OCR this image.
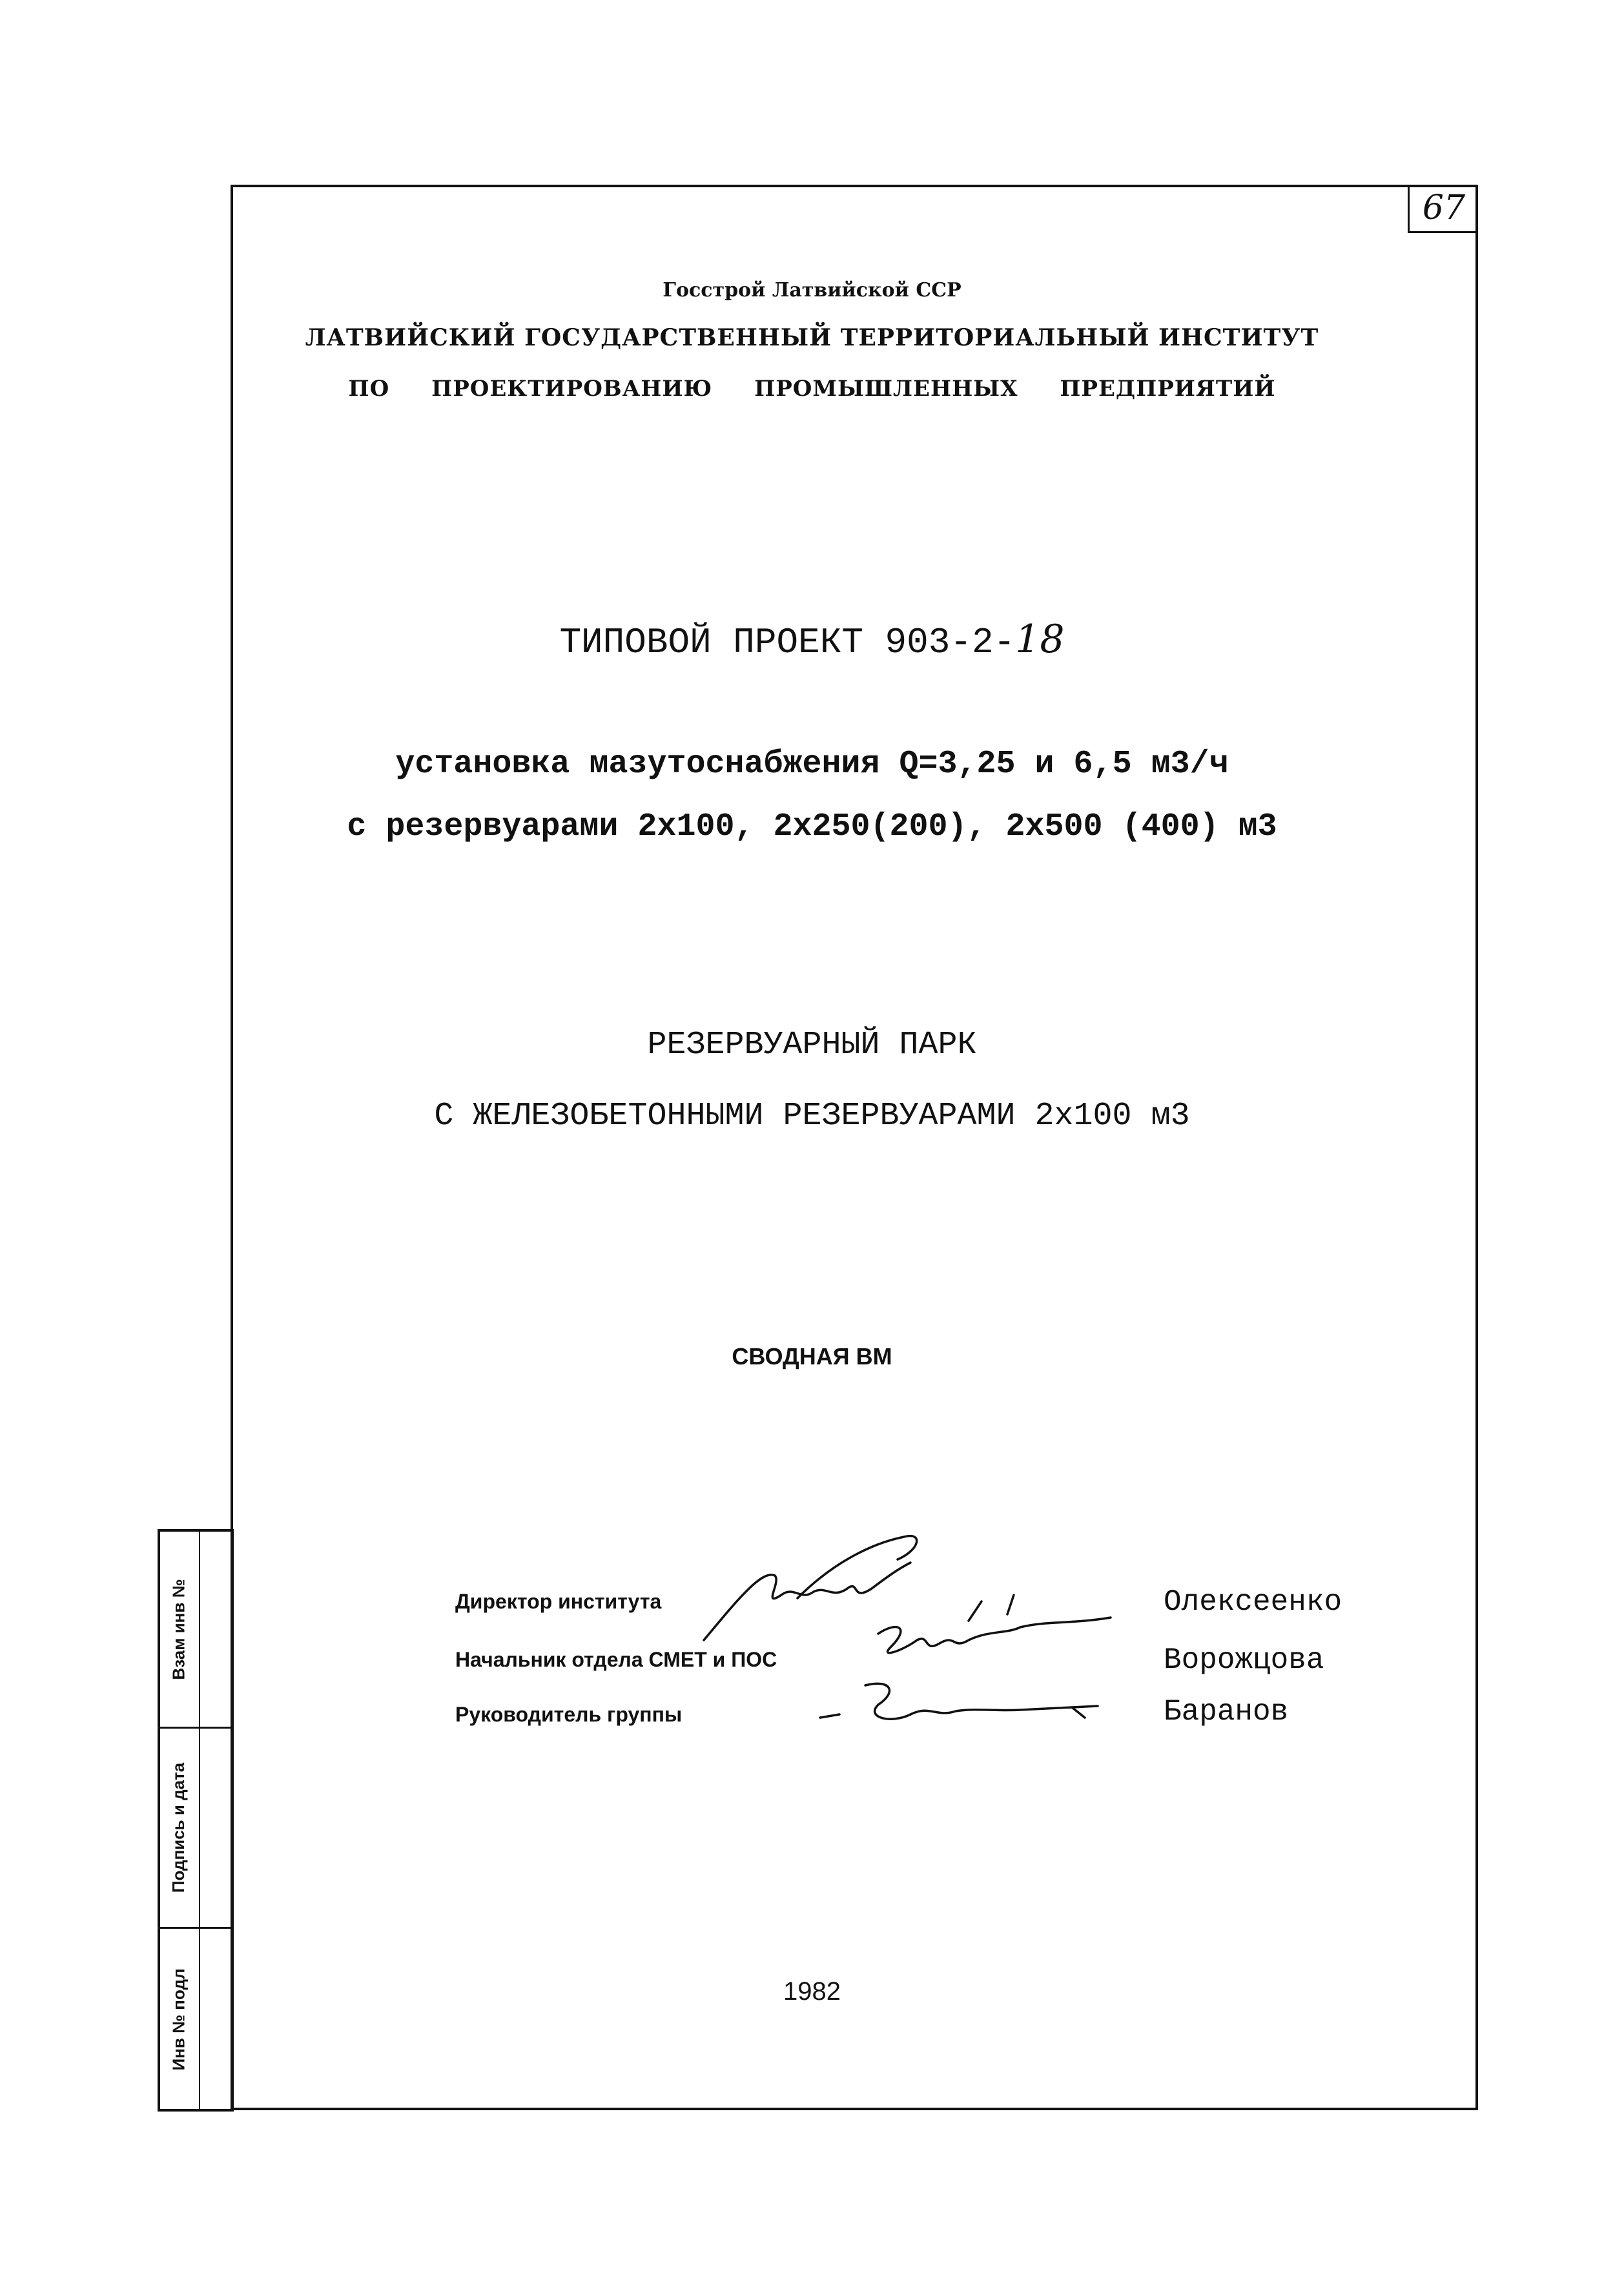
67
Госстрой Латвийской ССР
ЛАТВИЙСКИЙ ГОСУДАРСТВЕННЫЙ ТЕРРИТОРИАЛЬНЫЙ ИНСТИТУТ
ПО ПРОЕКТИРОВАНИЮ ПРОМЫШЛЕННЫХ ПРЕДПРИЯТИЙ
ТИПОВОЙ ПРОЕКТ 903-2-18
установка мазутоснабжения Q=3,25 и 6,5 м3/ч
с резервуарами 2х100, 2х250(200), 2х500 (400) м3
РЕЗЕРВУАРНЫЙ ПАРК
С ЖЕЛЕЗОБЕТОННЫМИ РЕЗЕРВУАРАМИ 2х100 м3
СВОДНАЯ ВМ
Директор института
Начальник отдела СМЕТ и ПОС
Руководитель группы
Олексеенко
Ворожцова
Баранов
1982
Взам инв №
Подпись и дата
Инв № подл
